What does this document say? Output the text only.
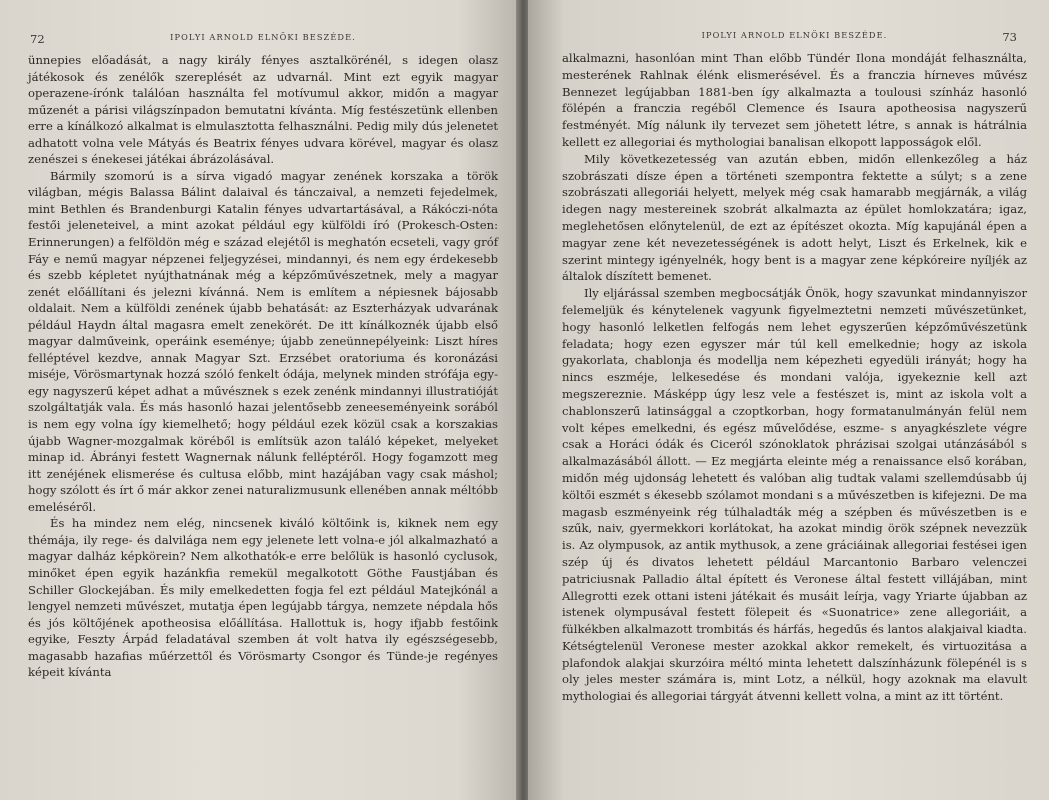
72	IPOLYI ARNOLD ELNÖKI BESZÉDE.

ünnepies előadását, a nagy király fényes asztalkörénél, s idegen olasz játékosok és zenélők szereplését az udvarnál. Mint ezt egyik magyar operazene-írónk találóan használta fel motívumul akkor, midőn a magyar műzenét a párisi világszínpadon bemutatni kívánta. Míg festészetünk ellenben erre a kínálkozó alkalmat is elmulasztotta felhasználni. Pedig mily dús jelenetet adhatott volna vele Mátyás és Beatrix fényes udvara körével, magyar és olasz zenészei s énekesei játékai ábrázolásával.

Bármily szomorú is a sírva vigadó magyar zenének korszaka a török világban, mégis Balassa Bálint dalaival és tánczaival, a nemzeti fejedelmek, mint Bethlen és Brandenburgi Katalin fényes udvartartásával, a Rákóczi-nóta festői jeleneteivel, a mint azokat például egy külföldi író (Prokesch-Osten: Erinnerungen) a felföldön még e század elejétől is meghatón ecseteli, vagy gróf Fáy e nemű magyar népzenei feljegyzései, mindannyi, és nem egy érdekesebb és szebb képletet nyújthatnának még a képzőművészetnek, mely a magyar zenét előállítani és jelezni kívánná. Nem is említem a népiesnek bájosabb oldalait. Nem a külföldi zenének újabb behatását: az Eszterházyak udvarának például Haydn által magasra emelt zenekörét. De itt kínálkoznék újabb első magyar dalműveink, operáink eseménye; újabb zeneünnepélyeink: Liszt híres felléptével kezdve, annak Magyar Szt. Erzsébet oratoriuma és koronázási miséje, Vörösmartynak hozzá szóló fenkelt ódája, melynek minden strófája egy-egy nagyszerű képet adhat a művésznek s ezek zenénk mindannyi illustratióját szolgáltatják vala. És más hasonló hazai jelentősebb zeneeseményeink sorából is nem egy volna így kiemelhető; hogy például ezek közül csak a korszakias újabb Wagner-mozgalmak köréből is említsük azon találó képeket, melyeket minap id. Ábrányi festett Wagnernak nálunk felléptéről. Hogy fogamzott meg itt zenéjének elismerése és cultusa előbb, mint hazájában vagy csak máshol; hogy szólott és írt ő már akkor zenei naturalizmusunk ellenében annak méltóbb emeléséről.

És ha mindez nem elég, nincsenek kiváló költőink is, kiknek nem egy thémája, ily rege- és dalvilága nem egy jelenete lett volna-e jól alkalmazható a magyar dalház képkörein? Nem alkothatók-e erre belőlük is hasonló cyclusok, minőket épen egyik hazánkfia remekül megalkotott Göthe Faustjában és Schiller Glockejában. És mily emelkedetten fogja fel ezt például Matejkónál a lengyel nemzeti művészet, mutatja épen legújabb tárgya, nemzete népdala hős és jós költőjének apotheosisa előállítása. Hallottuk is, hogy ifjabb festőink egyike, Feszty Árpád feladatával szemben át volt hatva ily egészségesebb, magasabb hazafias műérzettől és Vörösmarty Csongor és Tünde-je regényes képeit kívánta

IPOLYI ARNOLD ELNÖKI BESZÉDE.	73

alkalmazni, hasonlóan mint Than előbb Tündér Ilona mondáját felhasználta, mesterének Rahlnak élénk elismerésével. És a franczia hírneves művész Bennezet legújabban 1881-ben így alkalmazta a toulousi színház hasonló fölépén a franczia regéből Clemence és Isaura apotheosisa nagyszerű festményét. Míg nálunk ily tervezet sem jöhetett létre, s annak is hátrálnia kellett ez allegoriai és mythologiai banalisan elkopott lapposságok elől.

Mily következetesség van azután ebben, midőn ellenkezőleg a ház szobrászati dísze épen a történeti szempontra fektette a súlyt; s a zene szobrászati allegoriái helyett, melyek még csak hamarabb megjárnák, a világ idegen nagy mestereinek szobrát alkalmazta az épület homlokzatára; igaz, meglehetősen előnytelenül, de ezt az építészet okozta. Míg kapujánál épen a magyar zene két nevezetességének is adott helyt, Liszt és Erkelnek, kik e szerint mintegy igényelnék, hogy bent is a magyar zene képkóreire nyíljék az általok díszített bemenet.

Ily eljárással szemben megbocsátják Önök, hogy szavunkat mindannyiszor felemeljük és kénytelenek vagyunk figyelmeztetni nemzeti művészetünket, hogy hasonló lelketlen felfogás nem lehet egyszerűen képzőművészetünk feladata; hogy ezen egyszer már túl kell emelkednie; hogy az iskola gyakorlata, chablonja és modellja nem képezheti egyedüli irányát; hogy ha nincs eszméje, lelkesedése és mondani valója, igyekeznie kell azt megszereznie. Másképp úgy lesz vele a festészet is, mint az iskola volt a chablonszerű latinsággal a czoptkorban, hogy formatanulmányán felül nem volt képes emelkedni, és egész művelődése, eszme- s anyagkészlete végre csak a Horáci ódák és Ciceról szónoklatok phrázisai szolgai utánzásából s alkalmazásából állott. — Ez megjárta eleinte még a renaissance első korában, midőn még ujdonság lehetett és valóban alig tudtak valami szellemdúsabb új költői eszmét s ékesebb szólamot mondani s a művészetben is kifejezni. De ma magasb eszményeink rég túlhaladták még a szépben és művészetben is e szűk, naiv, gyermekkori korlátokat, ha azokat mindig örök szépnek nevezzük is. Az olympusok, az antik mythusok, a zene gráciáinak allegoriai festései igen szép új és divatos lehetett például Marcantonio Barbaro velenczei patriciusnak Palladio által épített és Veronese által festett villájában, mint Allegrotti ezek ottani isteni játékait és musáit leírja, vagy Yriarte újabban az istenek olympusával festett fölepeit és «Suonatrice» zene allegoriáit, a fülkékben alkalmazott trombitás és hárfás, hegedűs és lantos alakjaival kiadta. Kétségtelenül Veronese mester azokkal akkor remekelt, és virtuozitása a plafondok alakjai skurzóira méltó minta lehetett dalszínházunk fölepénél is s oly jeles mester számára is, mint Lotz, a nélkül, hogy azoknak ma elavult mythologiai és allegoriai tárgyát átvenni kellett volna, a mint az itt történt.
